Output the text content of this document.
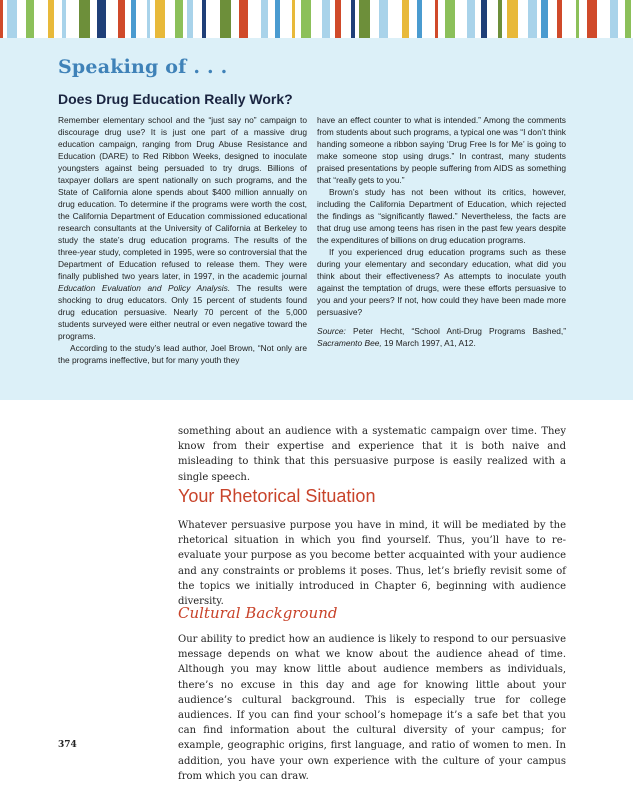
Speaking of . . .
Does Drug Education Really Work?

Remember elementary school and the “just say no” campaign to discourage drug use? It is just one part of a massive drug education campaign, ranging from Drug Abuse Resistance and Education (DARE) to Red Ribbon Weeks, designed to inoculate youngsters against being persuaded to try drugs. Billions of taxpayer dollars are spent nationally on such programs, and the State of California alone spends about $400 million annually on drug education. To determine if the programs were worth the cost, the California Department of Education commissioned educational research consultants at the University of California at Berkeley to study the state’s drug education programs. The results of the three-year study, completed in 1995, were so controversial that the Department of Education refused to release them. They were finally published two years later, in 1997, in the academic journal Education Evaluation and Policy Analysis. The results were shocking to drug educators. Only 15 percent of students found drug education persuasive. Nearly 70 percent of the 5,000 students surveyed were either neutral or even negative toward the programs.

According to the study’s lead author, Joel Brown, “Not only are the programs ineffective, but for many youth they

have an effect counter to what is intended.” Among the comments from students about such programs, a typical one was “I don’t think handing someone a ribbon saying ‘Drug Free Is for Me’ is going to make someone stop using drugs.” In contrast, many students praised presentations by people suffering from AIDS as something that “really gets to you.”

Brown’s study has not been without its critics, however, including the California Department of Education, which rejected the findings as “significantly flawed.” Nevertheless, the facts are that drug use among teens has risen in the past few years despite the expenditures of billions on drug education programs.

If you experienced drug education programs such as these during your elementary and secondary education, what did you think about their effectiveness? As attempts to inoculate youth against the temptation of drugs, were these efforts persuasive to you and your peers? If not, how could they have been made more persuasive?

Source: Peter Hecht, “School Anti-Drug Programs Bashed,” Sacramento Bee, 19 March 1997, A1, A12.

something about an audience with a systematic campaign over time. They know from their expertise and experience that it is both naive and misleading to think that this persuasive purpose is easily realized with a single speech.

Your Rhetorical Situation

Whatever persuasive purpose you have in mind, it will be mediated by the rhetorical situation in which you find yourself. Thus, you’ll have to re-evaluate your purpose as you become better acquainted with your audience and any constraints or problems it poses. Thus, let’s briefly revisit some of the topics we initially introduced in Chapter 6, beginning with audience diversity.

Cultural Background

Our ability to predict how an audience is likely to respond to our persuasive message depends on what we know about the audience ahead of time. Although you may know little about audience members as individuals, there’s no excuse in this day and age for knowing little about your audience’s cultural background. This is especially true for college audiences. If you can find your school’s homepage it’s a safe bet that you can find information about the cultural diversity of your campus; for example, geographic origins, first language, and ratio of women to men. In addition, you have your own experience with the culture of your campus from which you can draw.

374
